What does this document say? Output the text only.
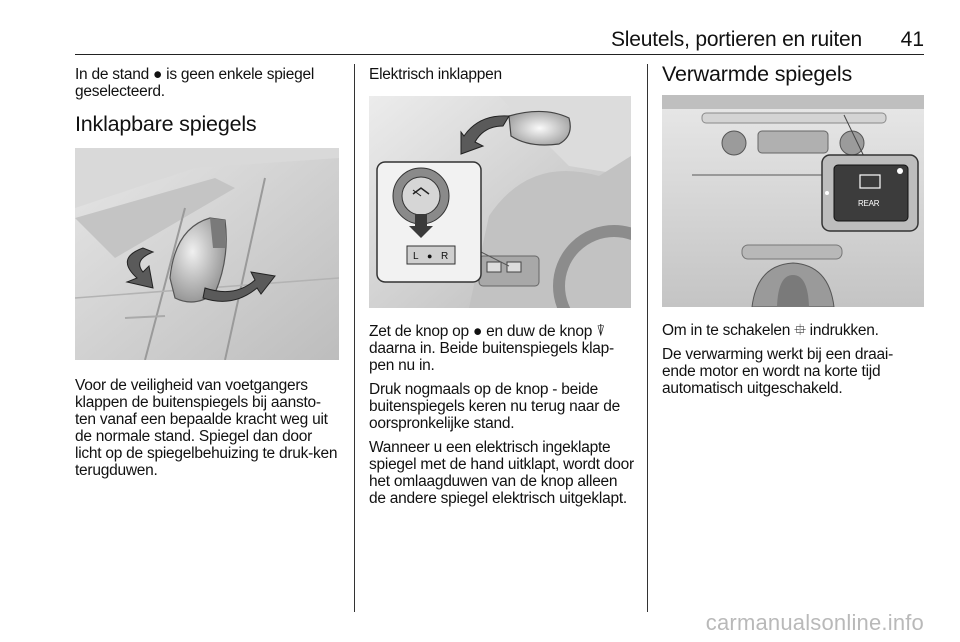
Sleutels, portieren en ruiten 41

In de stand ● is geen enkele spiegel geselecteerd.

Inklapbare spiegels

Voor de veiligheid van voetgangers klappen de buitenspiegels bij aansto-ten vanaf een bepaalde kracht weg uit de normale stand. Spiegel dan door licht op de spiegelbehuizing te druk-ken terugduwen.

Elektrisch inklappen
L ● R

Zet de knop op ● en duw de knop ⍒ daarna in. Beide buitenspiegels klap-pen nu in.

Druk nogmaals op de knop - beide buitenspiegels keren nu terug naar de oorspronkelijke stand.

Wanneer u een elektrisch ingeklapte spiegel met de hand uitklapt, wordt door het omlaagduwen van de knop alleen de andere spiegel elektrisch uitgeklapt.

Verwarmde spiegels
REAR

Om in te schakelen ⯐ indrukken.

De verwarming werkt bij een draai-ende motor en wordt na korte tijd automatisch uitgeschakeld.

carmanualsonline.info
